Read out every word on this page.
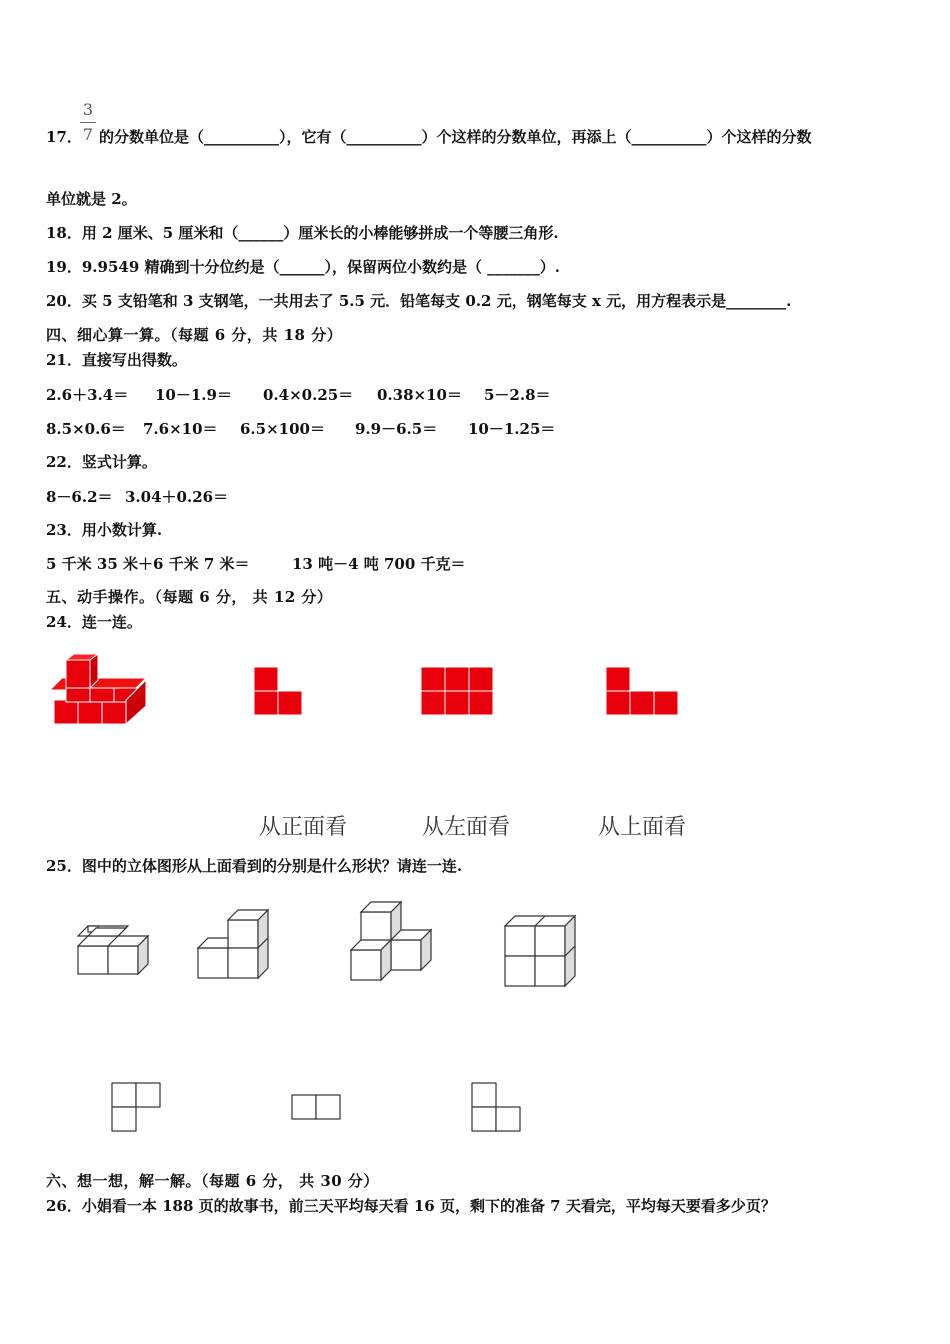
3
7
17． 的分数单位是（__________），它有（__________）个这样的分数单位，再添上（__________）个这样的分数
单位就是 2。
18．用 2 厘米、5 厘米和（______）厘米长的小棒能够拼成一个等腰三角形.
19．9.9549 精确到十分位约是（______），保留两位小数约是（ _______）.
20．买 5 支铅笔和 3 支钢笔，一共用去了 5.5 元．铅笔每支 0.2 元，钢笔每支 x 元，用方程表示是________.
四、细心算一算。（每题 6 分，共 18 分）
21．直接写出得数。
2.6＋3.4＝ 10－1.9＝ 0.4×0.25＝ 0.38×10＝ 5－2.8＝
8.5×0.6＝ 7.6×10＝ 6.5×100＝ 9.9－6.5＝ 10－1.25＝
22．竖式计算。
8－6.2＝ 3.04＋0.26＝
23．用小数计算.
5 千米 35 米＋6 千米 7 米＝	13 吨－4 吨 700 千克＝
五、动手操作。（每题 6 分， 共 12 分）
24．连一连。
从正面看	从左面看	从上面看
25．图中的立体图形从上面看到的分别是什么形状？请连一连.
六、想一想，解一解。（每题 6 分， 共 30 分）
26．小娟看一本 188 页的故事书，前三天平均每天看 16 页，剩下的准备 7 天看完，平均每天要看多少页？
